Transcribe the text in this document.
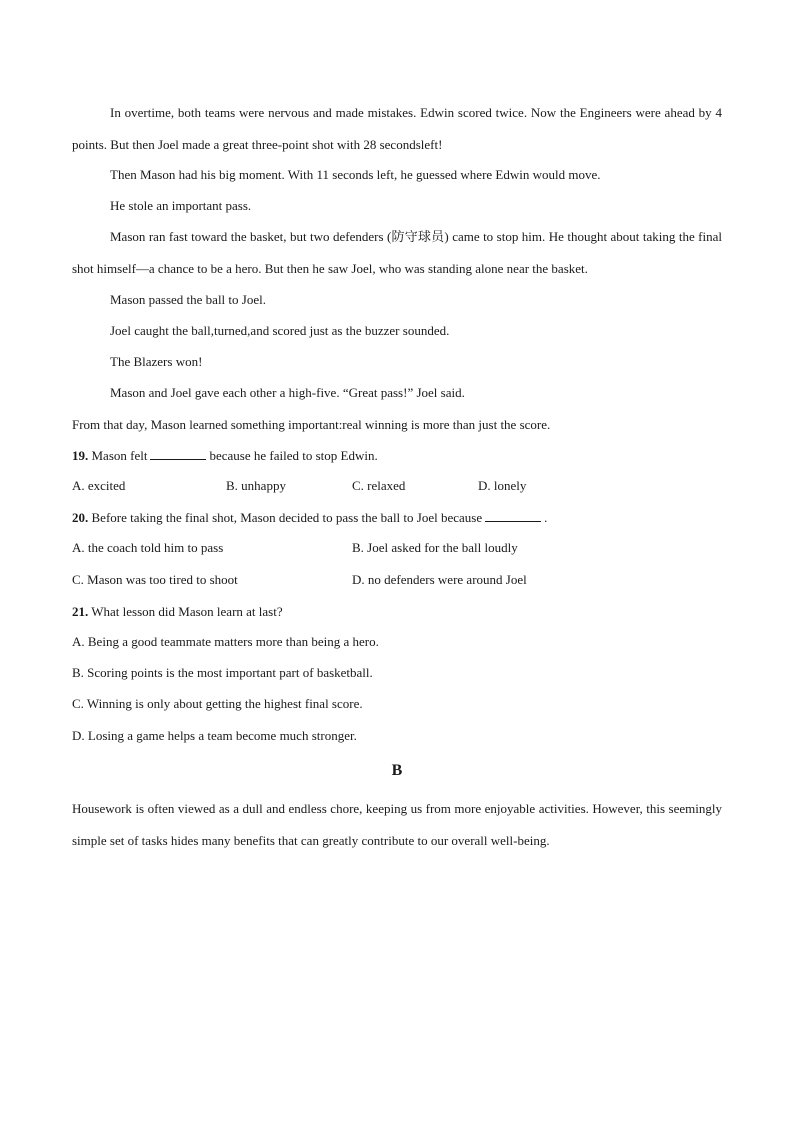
In overtime, both teams were nervous and made mistakes. Edwin scored twice. Now the Engineers were ahead by 4 points. But then Joel made a great three-point shot with 28 secondsleft!
Then Mason had his big moment. With 11 seconds left, he guessed where Edwin would move.
He stole an important pass.
Mason ran fast toward the basket, but two defenders (防守球员) came to stop him. He thought about taking the final shot himself—a chance to be a hero. But then he saw Joel, who was standing alone near the basket.
Mason passed the ball to Joel.
Joel caught the ball,turned,and scored just as the buzzer sounded.
The Blazers won!
Mason and Joel gave each other a high-five. “Great pass!” Joel said.
From that day, Mason learned something important:real winning is more than just the score.
19. Mason felt	because he failed to stop Edwin.
A. excited	B. unhappy	C. relaxed	D. lonely
20. Before taking the final shot, Mason decided to pass the ball to Joel because	.
A. the coach told him to pass	B. Joel asked for the ball loudly
C. Mason was too tired to shoot	D. no defenders were around Joel
21. What lesson did Mason learn at last?
A. Being a good teammate matters more than being a hero.
B. Scoring points is the most important part of basketball.
C. Winning is only about getting the highest final score.
D. Losing a game helps a team become much stronger.
B
Housework is often viewed as a dull and endless chore, keeping us from more enjoyable activities. However, this seemingly simple set of tasks hides many benefits that can greatly contribute to our overall well-being.
